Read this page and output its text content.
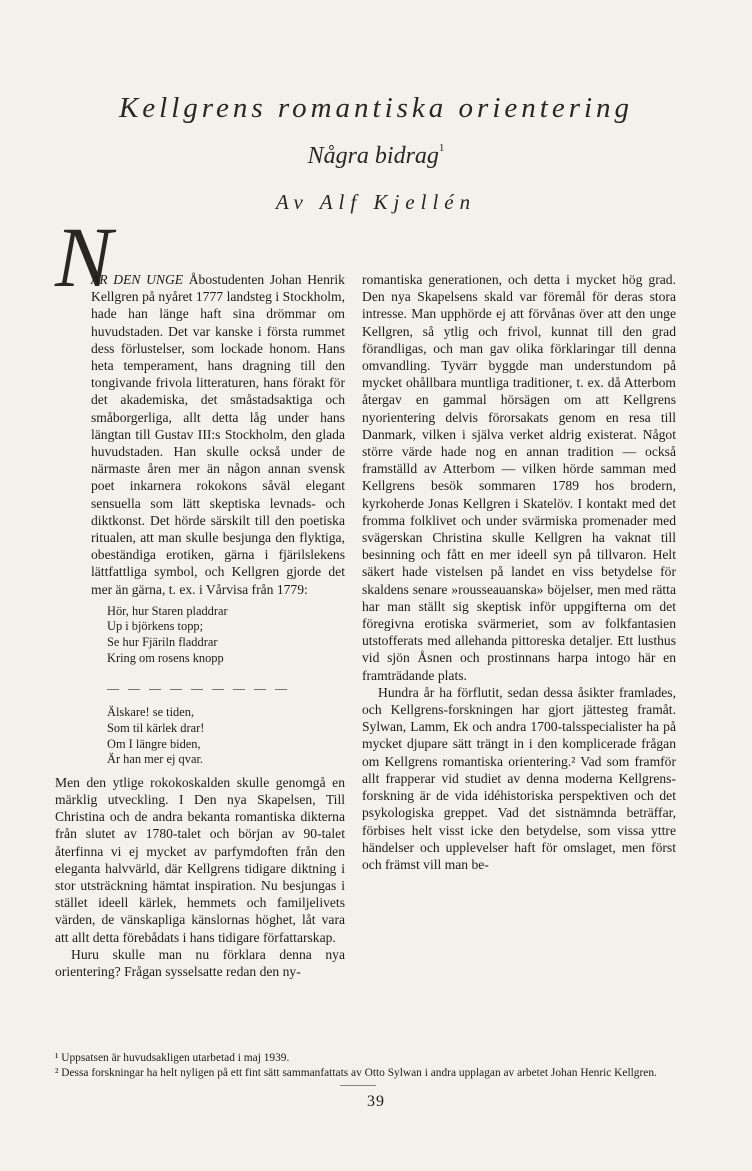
Kellgrens romantiska orientering
Några bidrag$^1$
Av Alf Kjellén
N

ÄR DEN UNGE Åbostudenten Johan Henrik Kellgren på nyåret 1777 landsteg i Stockholm, hade han länge haft sina drömmar om huvudstaden. Det var kanske i första rummet dess förlustelser, som lockade honom. Hans heta temperament, hans dragning till den tongivande frivola litteraturen, hans förakt för det akademiska, det småstadsaktiga och småborgerliga, allt detta låg under hans längtan till Gustav III:s Stockholm, den glada huvudstaden. Han skulle också under de närmaste åren mer än någon annan svensk poet inkarnera rokokons såväl elegant sensuella som lätt skeptiska levnads- och diktkonst. Det hörde särskilt till den poetiska ritualen, att man skulle besjunga den flyktiga, obeständiga erotiken, gärna i fjärilslekens lättfattliga symbol, och Kellgren gjorde det mer än gärna, t. ex. i Vårvisa från 1779:

Hör, hur Staren pladdrar
Up i björkens topp;
Se hur Fjäriln fladdrar
Kring om rosens knopp
— — — — — — — — —
Älskare! se tiden,
Som til kärlek drar!
Om I längre biden,
Är han mer ej qvar.

Men den ytlige rokokoskalden skulle genomgå en märklig utveckling. I Den nya Skapelsen, Till Christina och de andra bekanta romantiska dikterna från slutet av 1780-talet och början av 90-talet återfinna vi ej mycket av parfymdoften från den eleganta halvvärld, där Kellgrens tidigare diktning i stor utsträckning hämtat inspiration. Nu besjungas i stället ideell kärlek, hemmets och familjelivets värden, de vänskapliga känslornas höghet, låt vara att allt detta förebådats i hans tidigare författarskap.

Huru skulle man nu förklara denna nya orientering? Frågan sysselsatte redan den ny-

romantiska generationen, och detta i mycket hög grad. Den nya Skapelsens skald var föremål för deras stora intresse. Man upphörde ej att förvånas över att den unge Kellgren, så ytlig och frivol, kunnat till den grad förandligas, och man gav olika förklaringar till denna omvandling. Tyvärr byggde man understundom på mycket ohållbara muntliga traditioner, t. ex. då Atterbom återgav en gammal hörsägen om att Kellgrens nyorientering delvis förorsakats genom en resa till Danmark, vilken i själva verket aldrig existerat. Något större värde hade nog en annan tradition — också framställd av Atterbom — vilken hörde samman med Kellgrens besök sommaren 1789 hos brodern, kyrkoherde Jonas Kellgren i Skatelöv. I kontakt med det fromma folklivet och under svärmiska promenader med svägerskan Christina skulle Kellgren ha vaknat till besinning och fått en mer ideell syn på tillvaron. Helt säkert hade vistelsen på landet en viss betydelse för skaldens senare »rousseauanska» böjelser, men med rätta har man ställt sig skeptisk inför uppgifterna om det föregivna erotiska svärmeriet, som av folkfantasien utstofferats med allehanda pittoreska detaljer. Ett lusthus vid sjön Åsnen och prostinnans harpa intogo här en framträdande plats.

Hundra år ha förflutit, sedan dessa åsikter framlades, och Kellgrens-forskningen har gjort jättesteg framåt. Sylwan, Lamm, Ek och andra 1700-talsspecialister ha på mycket djupare sätt trängt in i den komplicerade frågan om Kellgrens romantiska orientering.² Vad som framför allt frapperar vid studiet av denna moderna Kellgrens-forskning är de vida idéhistoriska perspektiven och det psykologiska greppet. Vad det sistnämnda beträffar, förbises helt visst icke den betydelse, som vissa yttre händelser och upplevelser haft för omslaget, men först och främst vill man be-

¹ Uppsatsen är huvudsakligen utarbetad i maj 1939.
² Dessa forskningar ha helt nyligen på ett fint sätt sammanfattats av Otto Sylwan i andra upplagan av arbetet Johan Henric Kellgren.
39
